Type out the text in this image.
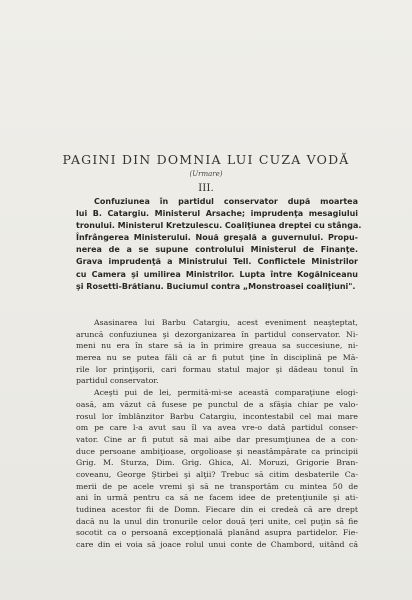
PAGINI DIN DOMNIA LUI CUZA VODĂ
(Urmare)
III.
Confuziunea în partidul conservator după moartea
lui B. Catargiu. Ministerul Arsache; imprudenţa mesagiului
tronului. Ministerul Kretzulescu. Coaliţiunea dreptei cu stânga.
Înfrângerea Ministerului. Nouă greşală a guvernului. Propu-
nerea de a se supune controlului Ministerul de Finanţe.
Grava imprudenţă a Ministrului Tell. Conflictele Ministrilor
cu Camera şi umilirea Ministrilor. Lupta între Kogălniceanu
şi Rosetti-Brătianu. Buciumul contra „Monstroasei coaliţiuni".
Asasinarea lui Barbu Catargiu, acest eveniment neaşteptat,
aruncă confuziunea şi dezorganizarea în partidul conservator. Ni-
meni nu era în stare să ia în primire greaua sa succesiune, ni-
merea nu se putea făli că ar fi putut ţine în disciplină pe Mă-
rile lor prinţişorii, cari formau statul major şi dădeau tonul în
partidul conservator.
Aceşti pui de lei, permită-mi-se această comparaţiune elogi-
oasă, am văzut că fusese pe punctul de a sfăşia chiar pe valo-
rosul lor îmblânzitor Barbu Catargiu, incontestabil cel mai mare
om pe care l-a avut sau îl va avea vre-o dată partidul conser-
vator. Cine ar fi putut să mai aibe dar presumţiunea de a con-
duce persoane ambiţioase, orgolioase şi neastâmpărate ca principii
Grig. M. Sturza, Dim. Grig. Ghica, Al. Moruzi, Grigorie Bran-
coveanu, George Ştirbei şi alţii? Trebuc să citim desbaterile Ca-
merii de pe acele vremi şi să ne transportăm cu mintea 50 de
ani în urmă pentru ca să ne facem idee de pretenţiunile şi ati-
tudinea acestor fii de Domn. Fiecare din ei credeà că are drept
dacă nu la unul din tronurile celor două ţeri unite, cel puţin să fie
socotit ca o persoană excepţională planând asupra partidelor. Fie-
care din ei voia să joace rolul unui conte de Chambord, uitând că
